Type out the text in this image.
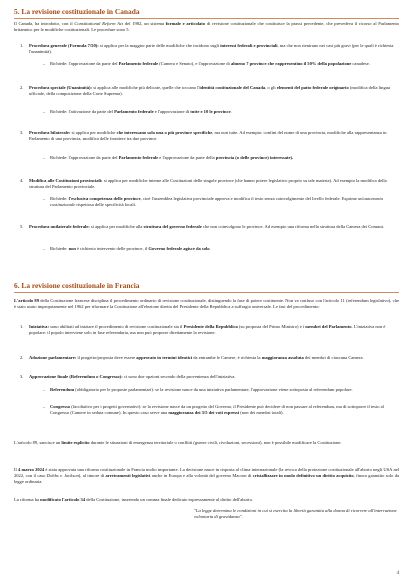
5. La revisione costituzionale in Canada

Il Canada, ha introdotto, con il Constitutional Reform Act del 1982, un sistema formale e articolato di revisione costituzionale che costituisce la prassi precedente, che prevedeva il ricorso al Parlamento britannico per le modifiche costituzionali. Le procedure sono 5.

1. Procedura generale (Formula 7/50): si applica per la maggior parte delle modifiche che incidono sugli interessi federali e provinciali, ma che non rientrano nei casi più gravi (per le quali è richiesta l'unanimità).

– Richiede: l'approvazione da parte del Parlamento federale (Camera e Senato), e l'approvazione di almeno 7 province che rappresentino il 50% della popolazione canadese.

2. Procedura speciale (Unanimità): si applica alle modifiche più delicate, quelle che toccano l'identità costituzionale del Canada, o gli elementi del patto federale originario (modifica della lingua ufficiale, della composizione della Corte Suprema).

– Richiede: l'attivazione da parte del Parlamento federale e l'approvazione di tutte e 10 le province.

3. Procedura bilaterale: si applica per modifiche che interessano solo una o più province specifiche, ma non tutte. Ad esempio: confini del nome di una provincia, modifiche alla rappresentanza in Parlamento di una provincia, modifica delle frontiere tra due province.

– Richiede: l'approvazione da parte del Parlamento federale e l'approvazione da parte della provincia (o delle province) interessate).

4. Modifica alle Costituzioni provinciali: si applica per modifiche interne alle Costituzioni delle singole province (che hanno potere legislativo proprio su tale materia). Ad esempio la modifica della struttura del Parlamento provinciale.

– Richiede: l'esclusiva competenza delle province, cioè l'assemblea legislativa provinciale approva e modifica il testo senza coinvolgimento del livello federale. Esprime un'autonomia costituzionale rispettosa delle specificità locali.

5. Procedura unilaterale federale: si applica per modifiche alla struttura del governo federale che non coinvolgono le province. Ad esempio una riforma nella struttura della Camera dei Comuni.

– Richiede: non è richiesto intervento delle province, il Governo federale agisce da solo.

6. La revisione costituzionale in Francia

L'articolo 89 della Costituzione francese disciplina il procedimento ordinario di revisione costituzionale, distinguendo la fase di potere costituente. Non va confuso con l'articolo 11 (referendum legislativo), che è stato usato impropriamente nel 1962 per riformare la Costituzione all'elezione diretta del Presidente della Repubblica a suffragio universale. Le fasi del procedimento:

1. Iniziativa: sono abilitati ad iniziare il procedimento di revisione costituzionale sia il Presidente della Repubblica (su proposta del Primo Ministro) e i membri del Parlamento. L'iniziativa non è popolare: il popolo interviene solo in fase referendaria, ma non può proporre direttamente la revisione.

2. Adozione parlamentare: il progetto/proposta deve essere approvato in termini identici da entrambe le Camere, è richiesta la maggioranza assoluta dei membri di ciascuna Camera.

3. Approvazione finale (Referendum o Congresso): ci sono due opzioni secondo della provenienza dell'iniziativa.

– Referendum (obbligatorio per le proposte parlamentari): se la revisione nasce da una iniziativa parlamentare, l'approvazione viene sottoposta al referendum popolare.

– Congresso (facoltativo per i progetti governativi): se la revisione nasce da un progetto del Governo, il Presidente può decidere di non passare al referendum, ma di sottoporre il testo al Congresso (Camere in seduta comune). In questo caso serve una maggioranza dei 3/5 dei voti espressi (non dei membri totali).

L'articolo 89, sancisce un limite esplicito durante le situazioni di emergenza territoriale o conflitti (guerre civili, rivoluzioni, secessioni), non è possibile modificare la Costituzione.

Il 4 marzo 2024 è stata approvata una riforma costituzionale in Francia molto importante. La decisione nasce in risposta al clima internazionale (la revoca della protezione costituzionale all'aborto negli USA nel 2022, con il caso Dobbs v. Jackson), al timore di arretramenti legislativi anche in Europa e alla volontà del governo Macron di cristallizzare in modo definitivo un diritto acquisito, finora garantito solo da legge ordinaria.

La riforma ha modificato l'articolo 34 della Costituzione, inserendo un comma finale dedicato espressamente al diritto dell'aborto.

"La legge determina le condizioni in cui si esercita la libertà garantita alla donna di ricorrere all'interruzione volontaria di gravidanza".

4
